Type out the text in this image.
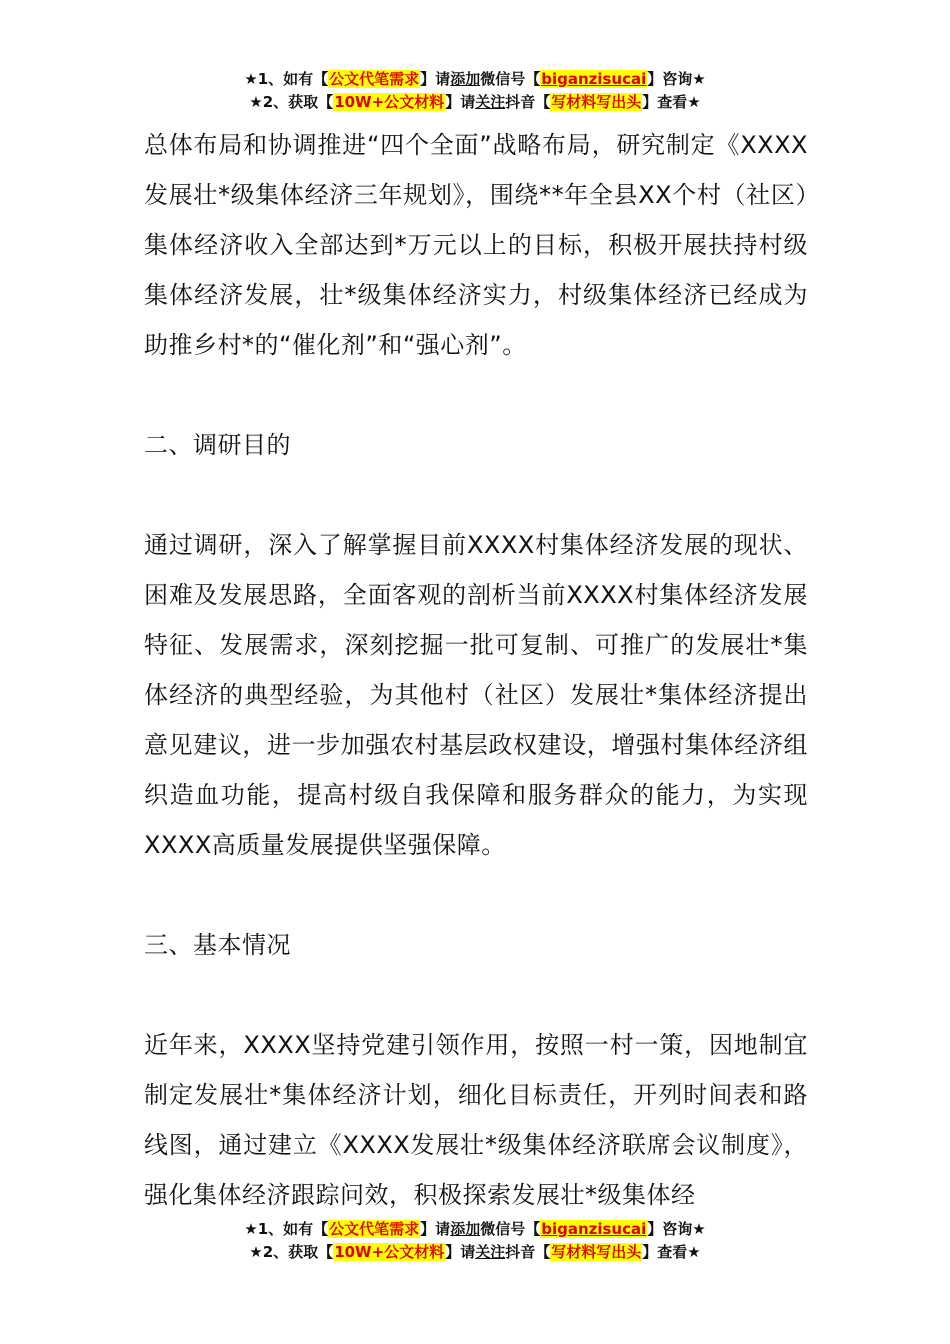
★1、如有【公文代笔需求】请添加微信号【biganzisucai】咨询★
★2、获取【10W+公文材料】请关注抖音【写材料写出头】查看★

总体布局和协调推进“四个全面”战略布局，研究制定《XXXX发展壮*级集体经济三年规划》，围绕**年全县XX个村（社区）集体经济收入全部达到*万元以上的目标，积极开展扶持村级集体经济发展，壮*级集体经济实力，村级集体经济已经成为助推乡村*的“催化剂”和“强心剂”。

二、调研目的

通过调研，深入了解掌握目前XXXX村集体经济发展的现状、困难及发展思路，全面客观的剖析当前XXXX村集体经济发展特征、发展需求，深刻挖掘一批可复制、可推广的发展壮*集体经济的典型经验，为其他村（社区）发展壮*集体经济提出意见建议，进一步加强农村基层政权建设，增强村集体经济组织造血功能，提高村级自我保障和服务群众的能力，为实现XXXX高质量发展提供坚强保障。

三、基本情况

近年来，XXXX坚持党建引领作用，按照一村一策，因地制宜制定发展壮*集体经济计划，细化目标责任，开列时间表和路线图，通过建立《XXXX发展壮*级集体经济联席会议制度》，强化集体经济跟踪问效，积极探索发展壮*级集体经

★1、如有【公文代笔需求】请添加微信号【biganzisucai】咨询★
★2、获取【10W+公文材料】请关注抖音【写材料写出头】查看★
